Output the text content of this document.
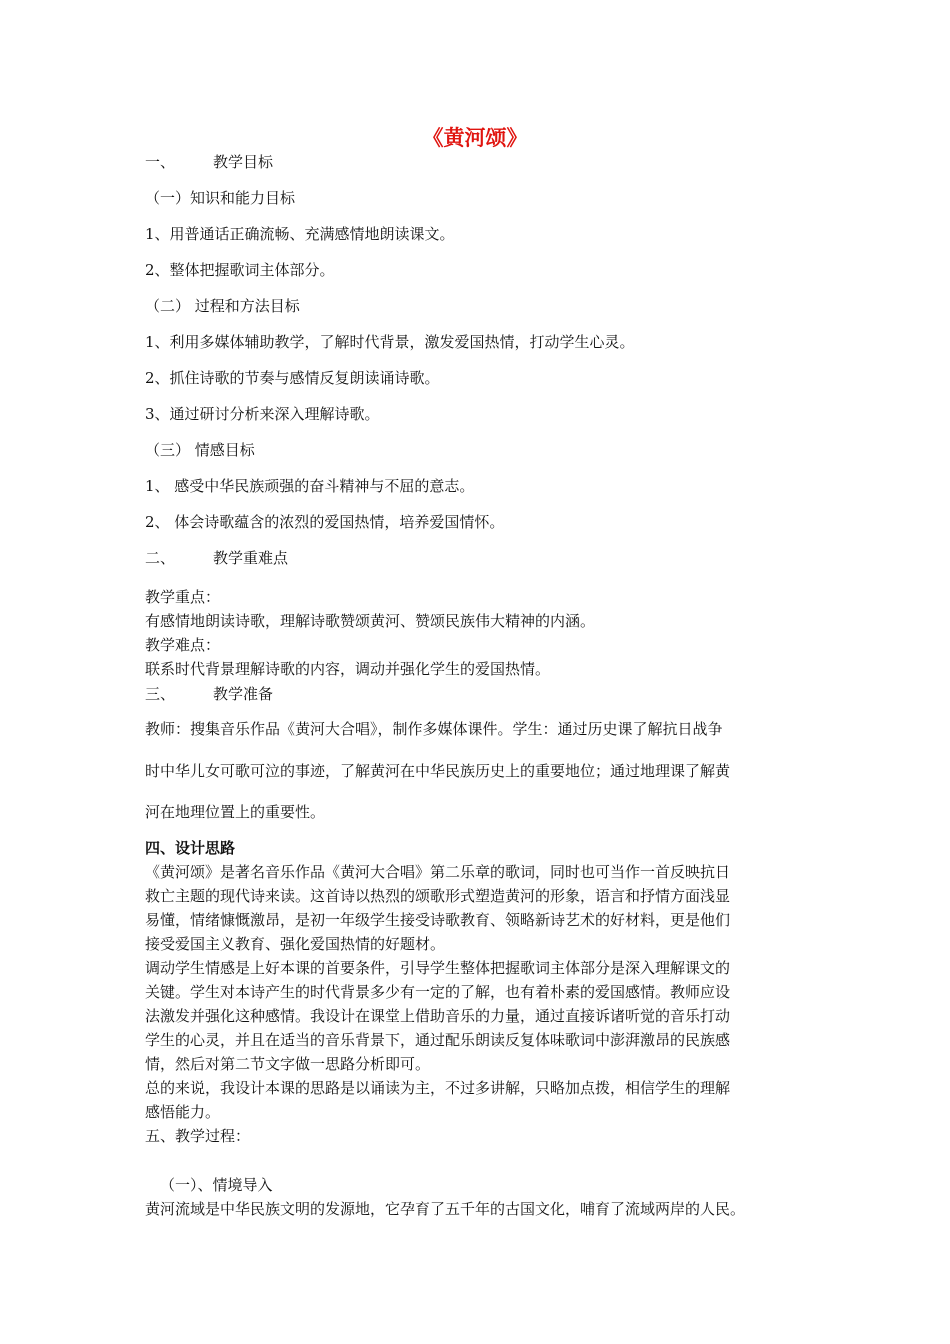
《黄河颂》
一、	教学目标
（一）知识和能力目标
1、用普通话正确流畅、充满感情地朗读课文。
2、整体把握歌词主体部分。
（二） 过程和方法目标
1、利用多媒体辅助教学，了解时代背景，激发爱国热情，打动学生心灵。
2、抓住诗歌的节奏与感情反复朗读诵诗歌。
3、通过研讨分析来深入理解诗歌。
（三） 情感目标
1、 感受中华民族顽强的奋斗精神与不屈的意志。
2、 体会诗歌蕴含的浓烈的爱国热情，培养爱国情怀。
二、	教学重难点

教学重点：

有感情地朗读诗歌，理解诗歌赞颂黄河、赞颂民族伟大精神的内涵。

教学难点：

联系时代背景理解诗歌的内容，调动并强化学生的爱国热情。

三、	教学准备
教师：搜集音乐作品《黄河大合唱》，制作多媒体课件。学生：通过历史课了解抗日战争
时中华儿女可歌可泣的事迹，了解黄河在中华民族历史上的重要地位；通过地理课了解黄
河在地理位置上的重要性。

四、设计思路

《黄河颂》是著名音乐作品《黄河大合唱》第二乐章的歌词，同时也可当作一首反映抗日

救亡主题的现代诗来读。这首诗以热烈的颂歌形式塑造黄河的形象，语言和抒情方面浅显

易懂，情绪慷慨激昂，是初一年级学生接受诗歌教育、领略新诗艺术的好材料，更是他们

接受爱国主义教育、强化爱国热情的好题材。

调动学生情感是上好本课的首要条件，引导学生整体把握歌词主体部分是深入理解课文的

关键。学生对本诗产生的时代背景多少有一定的了解，也有着朴素的爱国感情。教师应设

法激发并强化这种感情。我设计在课堂上借助音乐的力量，通过直接诉诸听觉的音乐打动

学生的心灵，并且在适当的音乐背景下，通过配乐朗读反复体味歌词中澎湃激昂的民族感

情，然后对第二节文字做一思路分析即可。

总的来说，我设计本课的思路是以诵读为主，不过多讲解，只略加点拨，相信学生的理解

感悟能力。

五、教学过程：

（一）、情境导入
黄河流域是中华民族文明的发源地，它孕育了五千年的古国文化，哺育了流域两岸的人民。
